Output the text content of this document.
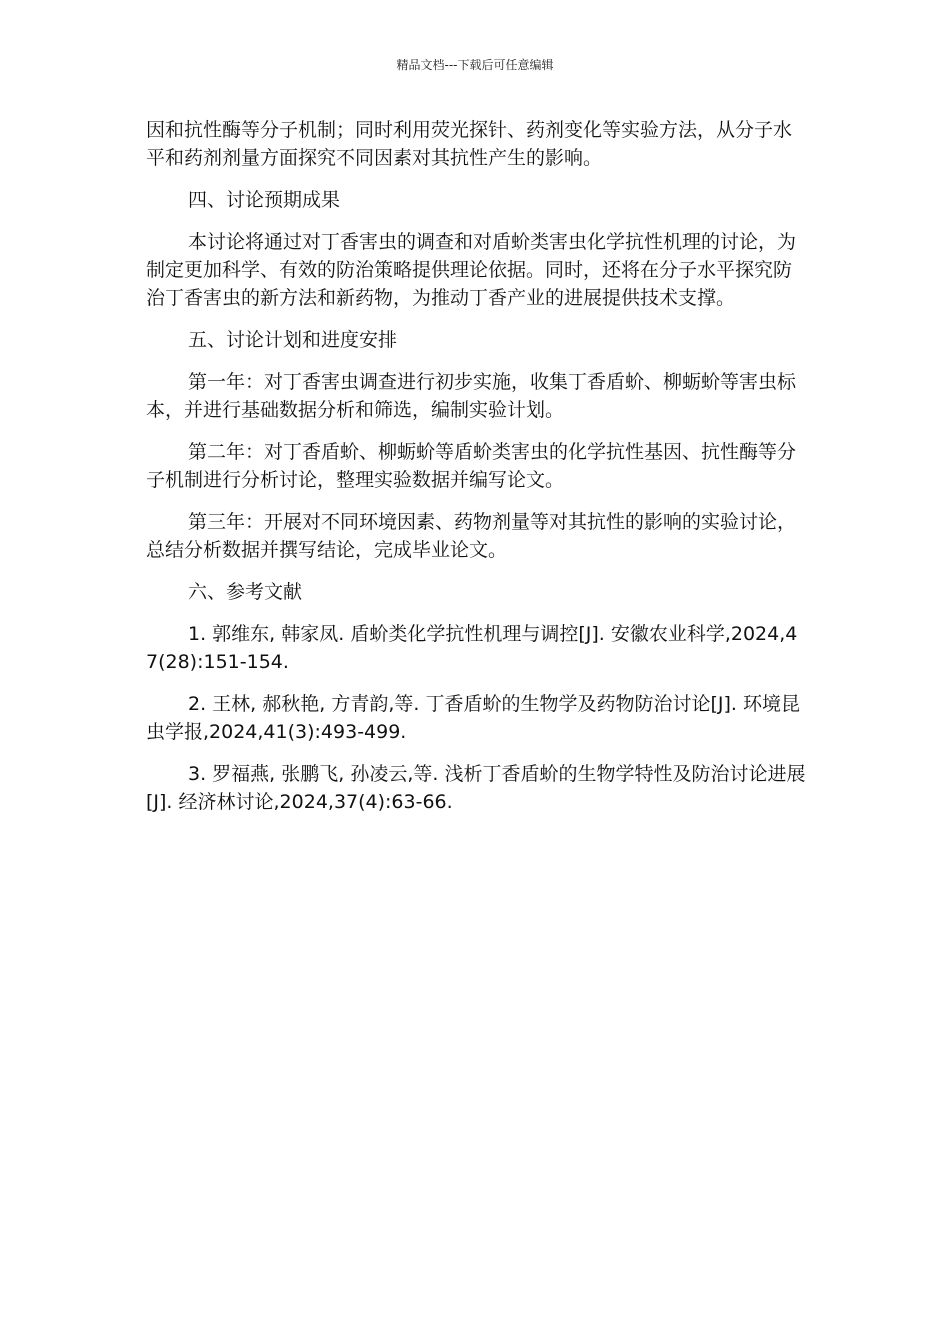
精品文档---下载后可任意编辑

因和抗性酶等分子机制；同时利用荧光探针、药剂变化等实验方法，从分子水平和药剂剂量方面探究不同因素对其抗性产生的影响。

四、讨论预期成果

本讨论将通过对丁香害虫的调查和对盾蚧类害虫化学抗性机理的讨论，为制定更加科学、有效的防治策略提供理论依据。同时，还将在分子水平探究防治丁香害虫的新方法和新药物，为推动丁香产业的进展提供技术支撑。

五、讨论计划和进度安排

第一年：对丁香害虫调查进行初步实施，收集丁香盾蚧、柳蛎蚧等害虫标本，并进行基础数据分析和筛选，编制实验计划。

第二年：对丁香盾蚧、柳蛎蚧等盾蚧类害虫的化学抗性基因、抗性酶等分子机制进行分析讨论，整理实验数据并编写论文。

第三年：开展对不同环境因素、药物剂量等对其抗性的影响的实验讨论，总结分析数据并撰写结论，完成毕业论文。

六、参考文献

1. 郭维东, 韩家凤. 盾蚧类化学抗性机理与调控[J]. 安徽农业科学,2024,47(28):151-154.

2. 王林, 郝秋艳, 方青韵,等. 丁香盾蚧的生物学及药物防治讨论[J]. 环境昆虫学报,2024,41(3):493-499.

3. 罗福燕, 张鹏飞, 孙凌云,等. 浅析丁香盾蚧的生物学特性及防治讨论进展[J]. 经济林讨论,2024,37(4):63-66.
